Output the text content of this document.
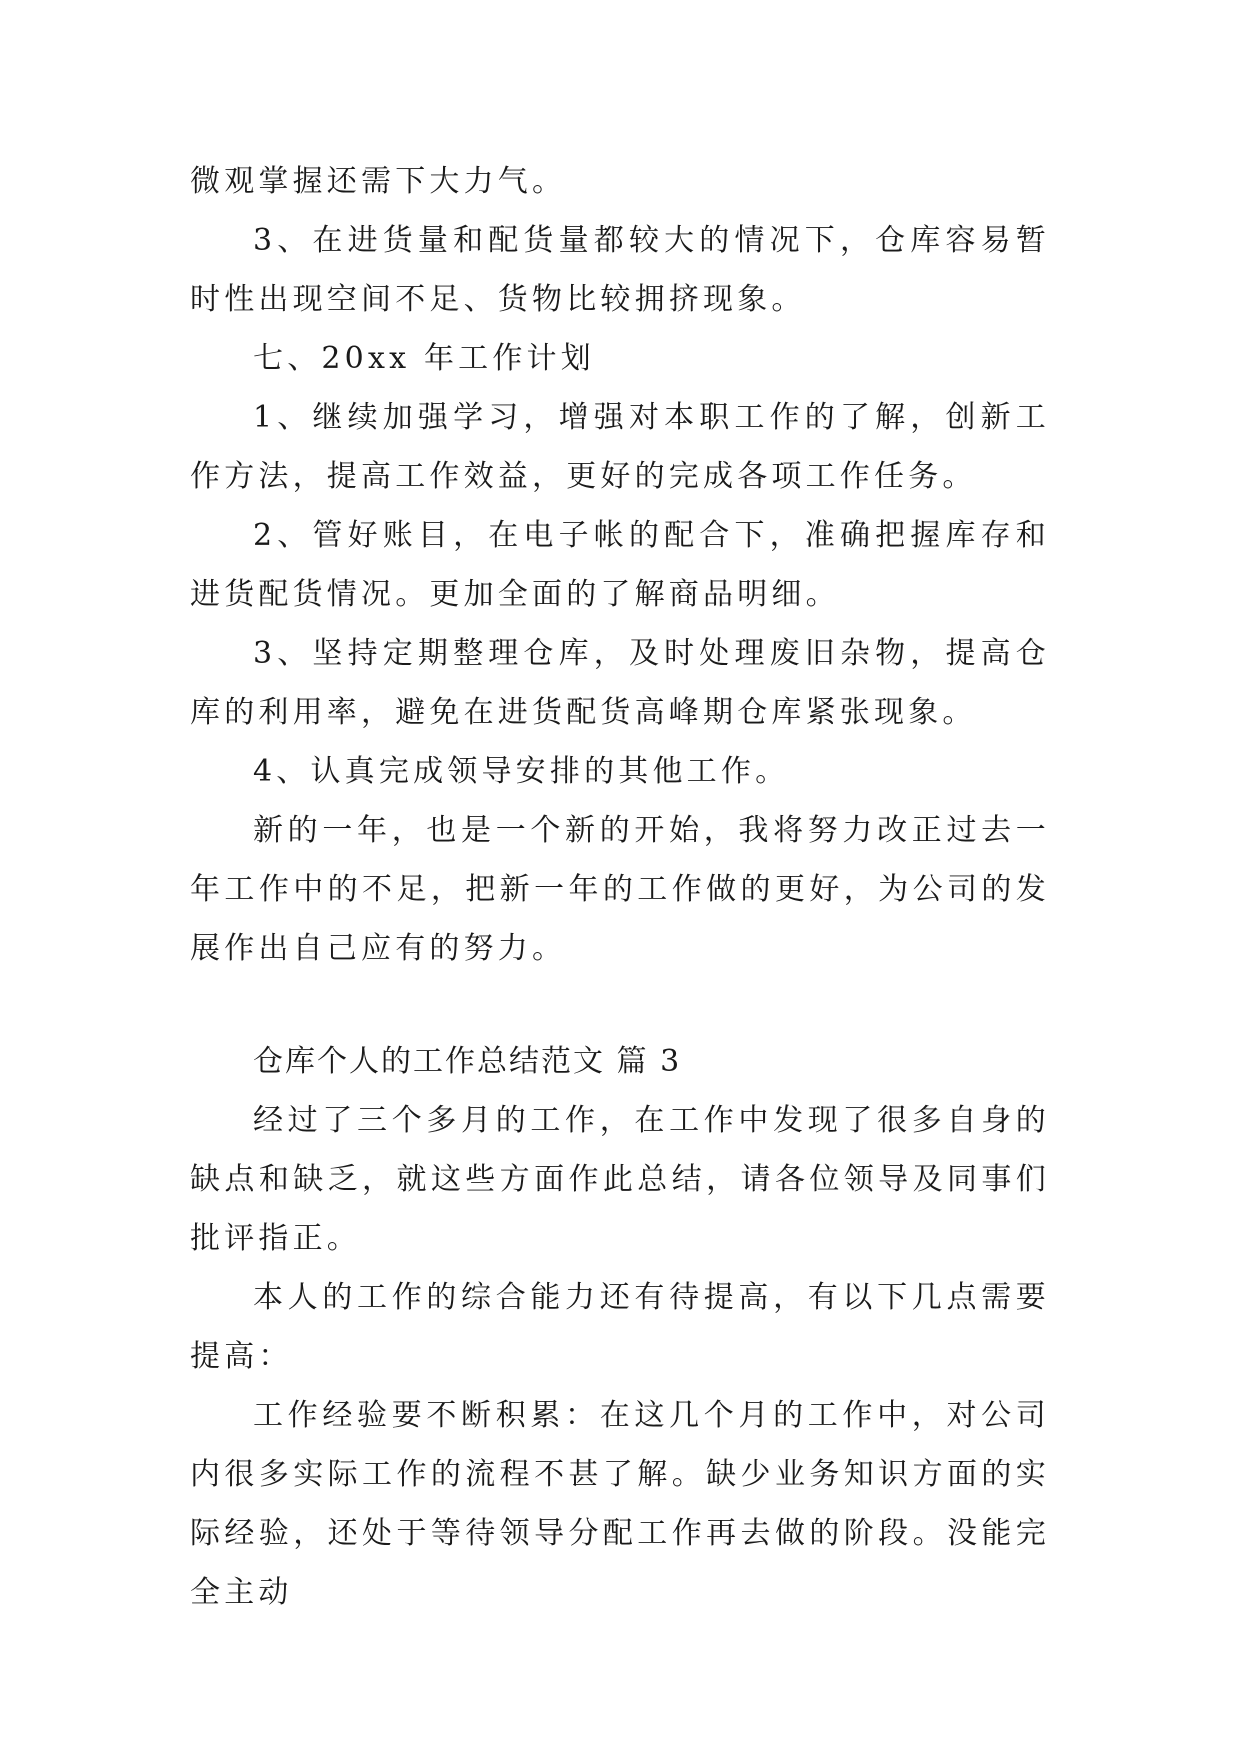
微观掌握还需下大力气。

3、在进货量和配货量都较大的情况下，仓库容易暂时性出现空间不足、货物比较拥挤现象。

七、20xx 年工作计划

1、继续加强学习，增强对本职工作的了解，创新工作方法，提高工作效益，更好的完成各项工作任务。

2、管好账目，在电子帐的配合下，准确把握库存和进货配货情况。更加全面的了解商品明细。

3、坚持定期整理仓库，及时处理废旧杂物，提高仓库的利用率，避免在进货配货高峰期仓库紧张现象。

4、认真完成领导安排的其他工作。

新的一年，也是一个新的开始，我将努力改正过去一年工作中的不足，把新一年的工作做的更好，为公司的发展作出自己应有的努力。

仓库个人的工作总结范文 篇 3

经过了三个多月的工作，在工作中发现了很多自身的缺点和缺乏，就这些方面作此总结，请各位领导及同事们批评指正。

本人的工作的综合能力还有待提高，有以下几点需要提高：

工作经验要不断积累：在这几个月的工作中，对公司内很多实际工作的流程不甚了解。缺少业务知识方面的实际经验，还处于等待领导分配工作再去做的阶段。没能完全主动
